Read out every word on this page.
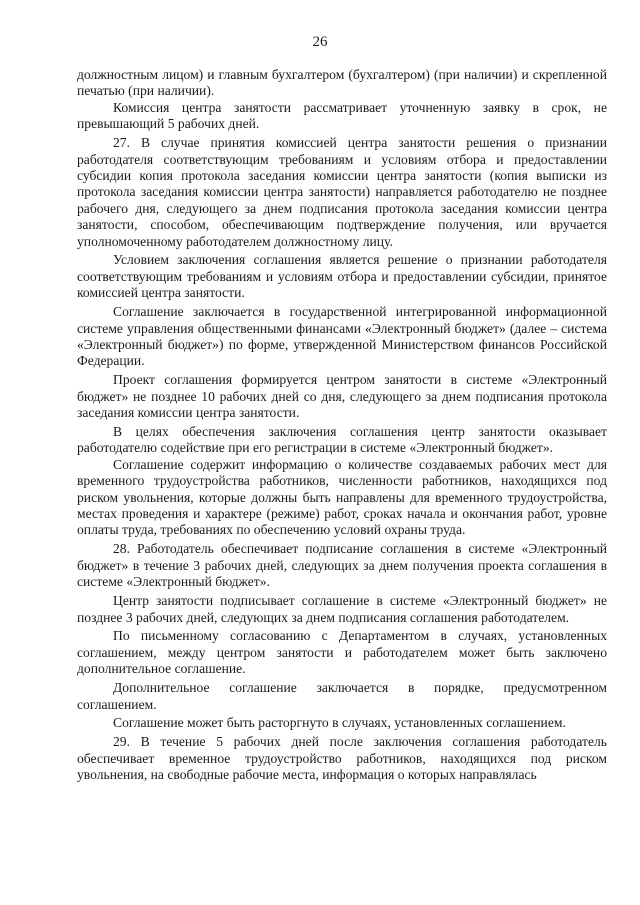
26

должностным лицом) и главным бухгалтером (бухгалтером) (при наличии) и скрепленной печатью (при наличии).

Комиссия центра занятости рассматривает уточненную заявку в срок, не превышающий 5 рабочих дней.

27. В случае принятия комиссией центра занятости решения о признании работодателя соответствующим требованиям и условиям отбора и предоставлении субсидии копия протокола заседания комиссии центра занятости (копия выписки из протокола заседания комиссии центра занятости) направляется работодателю не позднее рабочего дня, следующего за днем подписания протокола заседания комиссии центра занятости, способом, обеспечивающим подтверждение получения, или вручается уполномоченному работодателем должностному лицу.

Условием заключения соглашения является решение о признании работодателя соответствующим требованиям и условиям отбора и предоставлении субсидии, принятое комиссией центра занятости.

Соглашение заключается в государственной интегрированной информационной системе управления общественными финансами «Электронный бюджет» (далее – система «Электронный бюджет») по форме, утвержденной Министерством финансов Российской Федерации.

Проект соглашения формируется центром занятости в системе «Электронный бюджет» не позднее 10 рабочих дней со дня, следующего за днем подписания протокола заседания комиссии центра занятости.

В целях обеспечения заключения соглашения центр занятости оказывает работодателю содействие при его регистрации в системе «Электронный бюджет».

Соглашение содержит информацию о количестве создаваемых рабочих мест для временного трудоустройства работников, численности работников, находящихся под риском увольнения, которые должны быть направлены для временного трудоустройства, местах проведения и характере (режиме) работ, сроках начала и окончания работ, уровне оплаты труда, требованиях по обеспечению условий охраны труда.

28. Работодатель обеспечивает подписание соглашения в системе «Электронный бюджет» в течение 3 рабочих дней, следующих за днем получения проекта соглашения в системе «Электронный бюджет».

Центр занятости подписывает соглашение в системе «Электронный бюджет» не позднее 3 рабочих дней, следующих за днем подписания соглашения работодателем.

По письменному согласованию с Департаментом в случаях, установленных соглашением, между центром занятости и работодателем может быть заключено дополнительное соглашение.

Дополнительное соглашение заключается в порядке, предусмотренном соглашением.

Соглашение может быть расторгнуто в случаях, установленных соглашением.

29. В течение 5 рабочих дней после заключения соглашения работодатель обеспечивает временное трудоустройство работников, находящихся под риском увольнения, на свободные рабочие места, информация о которых направлялась
